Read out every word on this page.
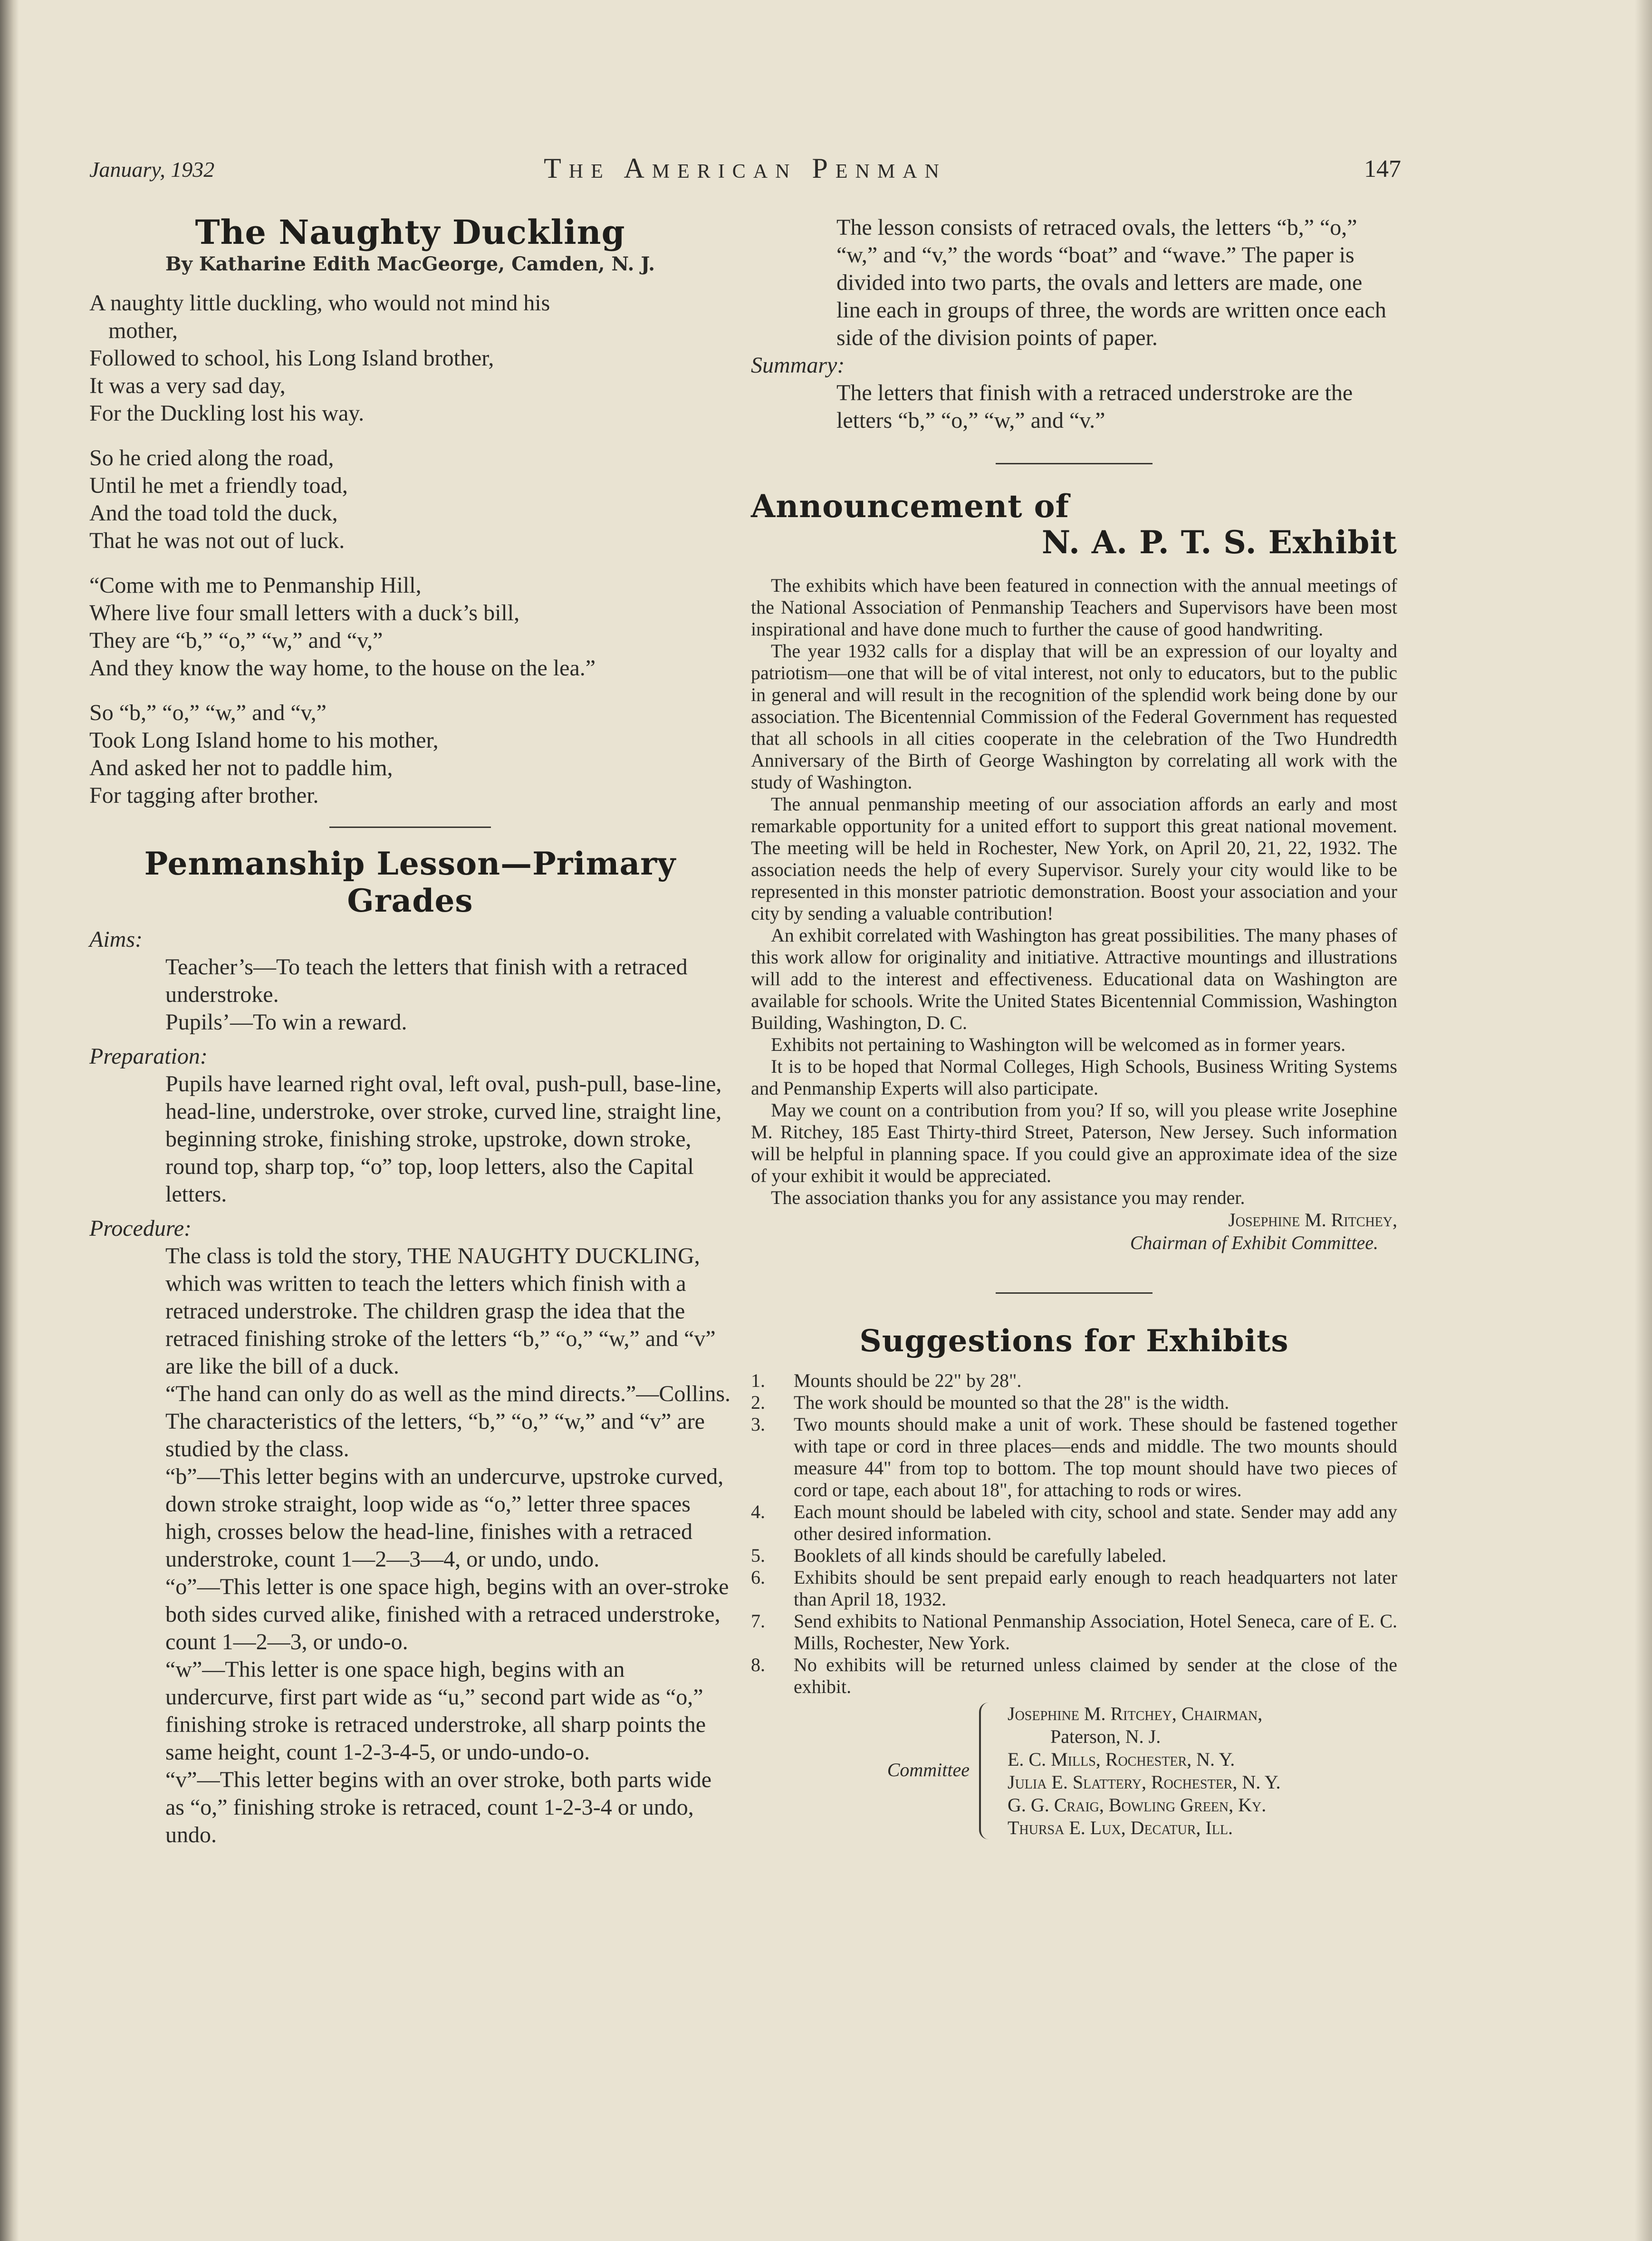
January, 1932	The American Penman	147
The Naughty Duckling
By Katharine Edith MacGeorge, Camden, N. J.

A naughty little duckling, who would not mind his
mother,
Followed to school, his Long Island brother,
It was a very sad day,
For the Duckling lost his way.

So he cried along the road,
Until he met a friendly toad,
And the toad told the duck,
That he was not out of luck.

“Come with me to Penmanship Hill,
Where live four small letters with a duck’s bill,
They are “b,” “o,” “w,” and “v,”
And they know the way home, to the house on the lea.”

So “b,” “o,” “w,” and “v,”
Took Long Island home to his mother,
And asked her not to paddle him,
For tagging after brother.

Penmanship Lesson—Primary Grades
Aims:

Teacher’s—To teach the letters that finish with a retraced understroke.

Pupils’—To win a reward.

Preparation:

Pupils have learned right oval, left oval, push-pull, base-line, head-line, understroke, over stroke, curved line, straight line, beginning stroke, finishing stroke, upstroke, down stroke, round top, sharp top, “o” top, loop letters, also the Capital letters.

Procedure:

The class is told the story, THE NAUGHTY DUCKLING, which was written to teach the letters which finish with a retraced understroke. The children grasp the idea that the retraced finishing stroke of the letters “b,” “o,” “w,” and “v” are like the bill of a duck.

“The hand can only do as well as the mind directs.”—Collins.

The characteristics of the letters, “b,” “o,” “w,” and “v” are studied by the class.

“b”—This letter begins with an undercurve, upstroke curved, down stroke straight, loop wide as “o,” letter three spaces high, crosses below the head-line, finishes with a retraced understroke, count 1—2—3—4, or undo, undo.

“o”—This letter is one space high, begins with an over-stroke both sides curved alike, finished with a retraced understroke, count 1—2—3, or undo-o.

“w”—This letter is one space high, begins with an undercurve, first part wide as “u,” second part wide as “o,” finishing stroke is retraced understroke, all sharp points the same height, count 1-2-3-4-5, or undo-undo-o.

“v”—This letter begins with an over stroke, both parts wide as “o,” finishing stroke is retraced, count 1-2-3-4 or undo, undo.

The lesson consists of retraced ovals, the letters “b,” “o,” “w,” and “v,” the words “boat” and “wave.” The paper is divided into two parts, the ovals and letters are made, one line each in groups of three, the words are written once each side of the division points of paper.

Summary:

The letters that finish with a retraced understroke are the letters “b,” “o,” “w,” and “v.”

Announcement of
N. A. P. T. S. Exhibit

The exhibits which have been featured in connection with the annual meetings of the National Association of Penmanship Teachers and Supervisors have been most inspirational and have done much to further the cause of good handwriting.

The year 1932 calls for a display that will be an expression of our loyalty and patriotism—one that will be of vital interest, not only to educators, but to the public in general and will result in the recognition of the splendid work being done by our association. The Bicentennial Commission of the Federal Government has requested that all schools in all cities cooperate in the celebration of the Two Hundredth Anniversary of the Birth of George Washington by correlating all work with the study of Washington.

The annual penmanship meeting of our association affords an early and most remarkable opportunity for a united effort to support this great national movement. The meeting will be held in Rochester, New York, on April 20, 21, 22, 1932. The association needs the help of every Supervisor. Surely your city would like to be represented in this monster patriotic demonstration. Boost your association and your city by sending a valuable contribution!

An exhibit correlated with Washington has great possibilities. The many phases of this work allow for originality and initiative. Attractive mountings and illustrations will add to the interest and effectiveness. Educational data on Washington are available for schools. Write the United States Bicentennial Commission, Washington Building, Washington, D. C.

Exhibits not pertaining to Washington will be welcomed as in former years.

It is to be hoped that Normal Colleges, High Schools, Business Writing Systems and Penmanship Experts will also participate.

May we count on a contribution from you? If so, will you please write Josephine M. Ritchey, 185 East Thirty-third Street, Paterson, New Jersey. Such information will be helpful in planning space. If you could give an approximate idea of the size of your exhibit it would be appreciated.

The association thanks you for any assistance you may render.

Josephine M. Ritchey,
Chairman of Exhibit Committee.
Suggestions for Exhibits
1.	Mounts should be 22" by 28".
2.	The work should be mounted so that the 28" is the width.
3.	Two mounts should make a unit of work. These should be fastened together with tape or cord in three places—ends and middle. The two mounts should measure 44" from top to bottom. The top mount should have two pieces of cord or tape, each about 18", for attaching to rods or wires.
4.	Each mount should be labeled with city, school and state. Sender may add any other desired information.
5.	Booklets of all kinds should be carefully labeled.
6.	Exhibits should be sent prepaid early enough to reach headquarters not later than April 18, 1932.
7.	Send exhibits to National Penmanship Association, Hotel Seneca, care of E. C. Mills, Rochester, New York.
8.	No exhibits will be returned unless claimed by sender at the close of the exhibit.
Committee
Josephine M. Ritchey, Chairman,
Paterson, N. J.
E. C. Mills, Rochester, N. Y.
Julia E. Slattery, Rochester, N. Y.
G. G. Craig, Bowling Green, Ky.
Thursa E. Lux, Decatur, Ill.
